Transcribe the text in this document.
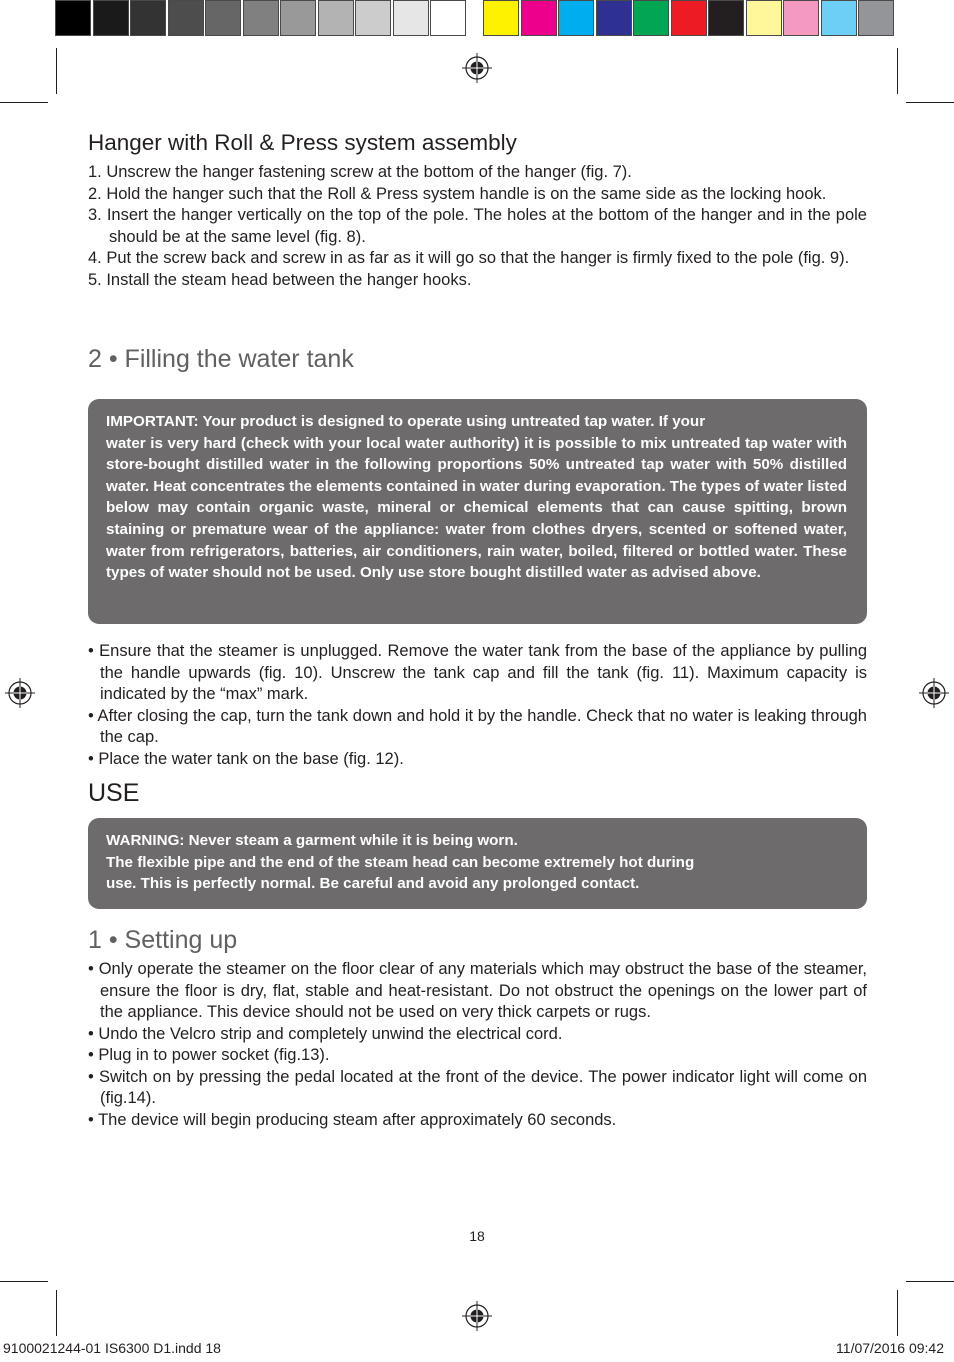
Hanger with Roll & Press system assembly
1. Unscrew the hanger fastening screw at the bottom of the hanger (fig. 7).
2. Hold the hanger such that the Roll & Press system handle is on the same side as the locking hook.
3. Insert the hanger vertically on the top of the pole. The holes at the bottom of the hanger and in the pole should be at the same level (fig. 8).
4. Put the screw back and screw in as far as it will go so that the hanger is firmly fixed to the pole (fig. 9).
5. Install the steam head between the hanger hooks.
2 • Filling the water tank
IMPORTANT: Your product is designed to operate using untreated tap water. If your

water is very hard (check with your local water authority) it is possible to mix untreated tap water with store-bought distilled water in the following proportions 50% untreated tap water with 50% distilled water. Heat concentrates the elements contained in water during evaporation. The types of water listed below may contain organic waste, mineral or chemical elements that can cause spitting, brown staining or premature wear of the appliance: water from clothes dryers, scented or softened water, water from refrigerators, batteries, air conditioners, rain water, boiled, filtered or bottled water. These types of water should not be used. Only use store bought distilled water as advised above.

• Ensure that the steamer is unplugged. Remove the water tank from the base of the appliance by pulling the handle upwards (fig. 10). Unscrew the tank cap and fill the tank (fig. 11). Maximum capacity is indicated by the “max” mark.
• After closing the cap, turn the tank down and hold it by the handle. Check that no water is leaking through the cap.
• Place the water tank on the base (fig. 12).
USE
WARNING: Never steam a garment while it is being worn.
The flexible pipe and the end of the steam head can become extremely hot during
use. This is perfectly normal. Be careful and avoid any prolonged contact.
1 • Setting up
• Only operate the steamer on the floor clear of any materials which may obstruct the base of the steamer, ensure the floor is dry, flat, stable and heat-resistant. Do not obstruct the openings on the lower part of the appliance. This device should not be used on very thick carpets or rugs.
• Undo the Velcro strip and completely unwind the electrical cord.
• Plug in to power socket (fig.13).
• Switch on by pressing the pedal located at the front of the device. The power indicator light will come on (fig.14).
• The device will begin producing steam after approximately 60 seconds.
18
9100021244-01 IS6300 D1.indd 18	11/07/2016 09:42
